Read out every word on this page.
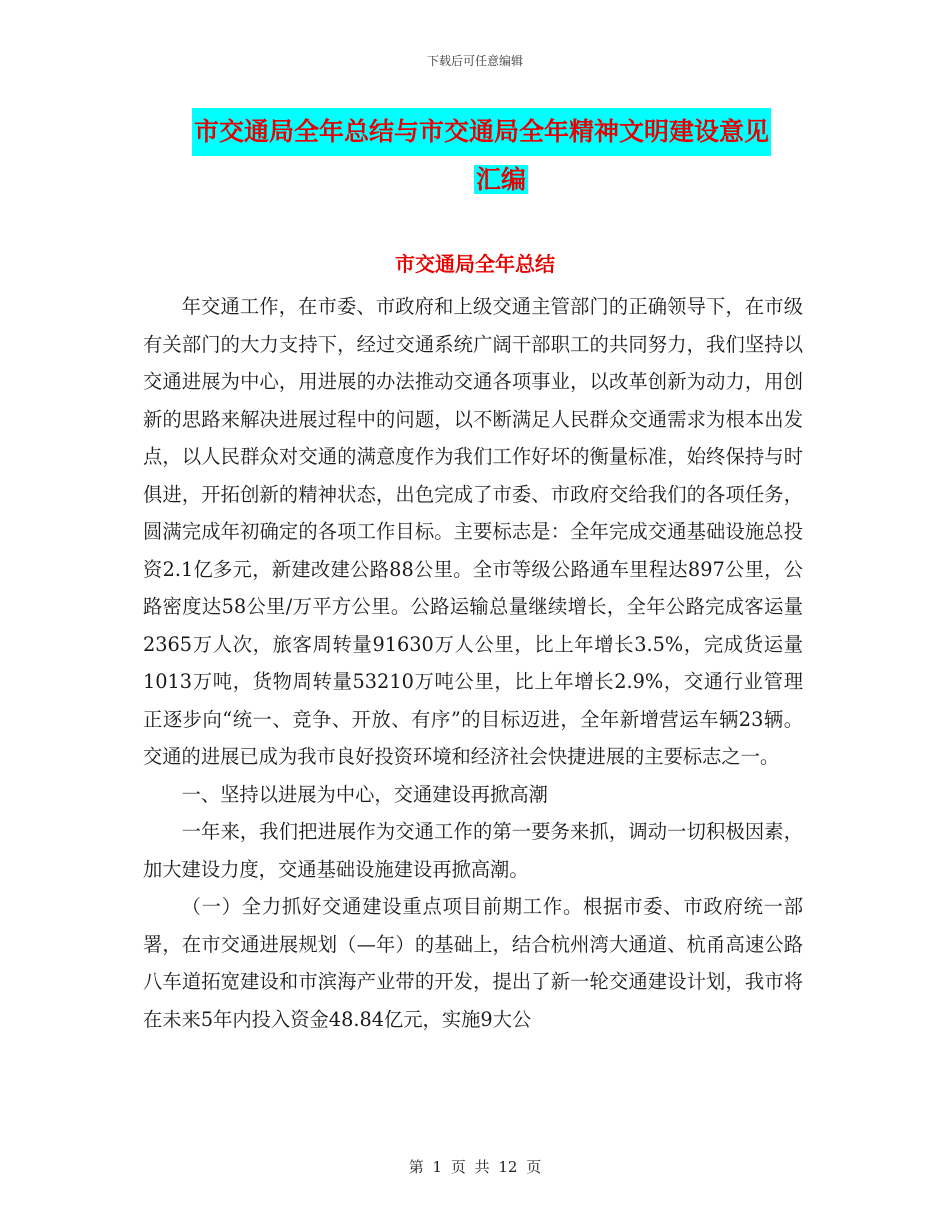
下载后可任意编辑
市交通局全年总结与市交通局全年精神文明建设意见
汇编
市交通局全年总结

年交通工作，在市委、市政府和上级交通主管部门的正确领导下，在市级有关部门的大力支持下，经过交通系统广阔干部职工的共同努力，我们坚持以交通进展为中心，用进展的办法推动交通各项事业，以改革创新为动力，用创新的思路来解决进展过程中的问题，以不断满足人民群众交通需求为根本出发点，以人民群众对交通的满意度作为我们工作好坏的衡量标准，始终保持与时俱进，开拓创新的精神状态，出色完成了市委、市政府交给我们的各项任务，圆满完成年初确定的各项工作目标。主要标志是：全年完成交通基础设施总投资2.1亿多元，新建改建公路88公里。全市等级公路通车里程达897公里，公路密度达58公里/万平方公里。公路运输总量继续增长，全年公路完成客运量2365万人次，旅客周转量91630万人公里，比上年增长3.5%，完成货运量1013万吨，货物周转量53210万吨公里，比上年增长2.9%，交通行业管理正逐步向“统一、竞争、开放、有序”的目标迈进，全年新增营运车辆23辆。交通的进展已成为我市良好投资环境和经济社会快捷进展的主要标志之一。

一、坚持以进展为中心，交通建设再掀高潮

一年来，我们把进展作为交通工作的第一要务来抓，调动一切积极因素，加大建设力度，交通基础设施建设再掀高潮。

（一）全力抓好交通建设重点项目前期工作。根据市委、市政府统一部署，在市交通进展规划（—年）的基础上，结合杭州湾大通道、杭甬高速公路八车道拓宽建设和市滨海产业带的开发，提出了新一轮交通建设计划，我市将在未来5年内投入资金48.84亿元，实施9大公

第 1 页 共 12 页
